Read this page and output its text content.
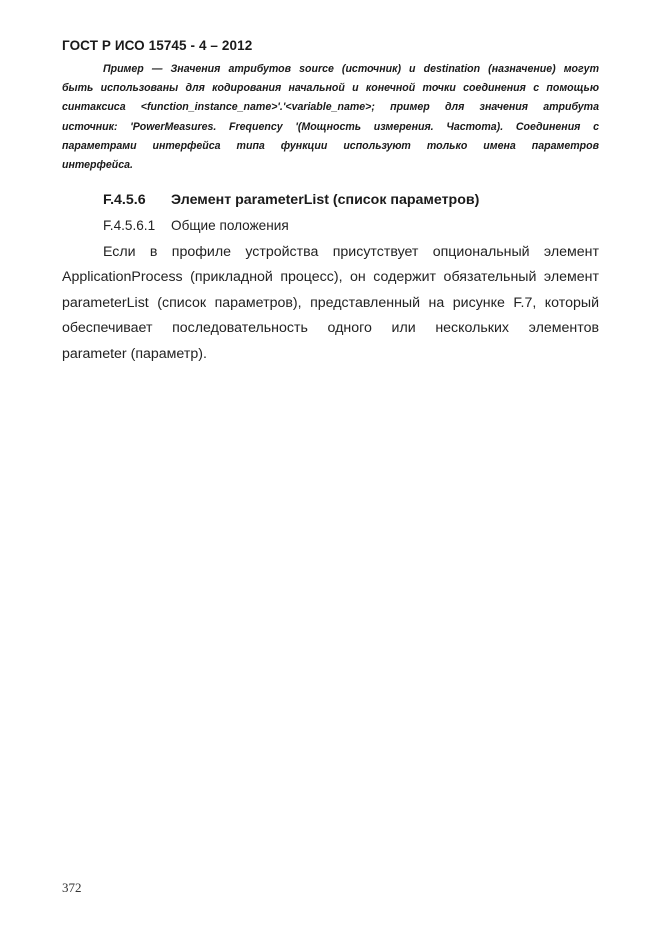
ГОСТ Р ИСО 15745 - 4 – 2012
Пример — Значения атрибутов source (источник) и destination (назначение) могут
быть использованы для кодирования начальной и конечной точки соединения с помощью
синтаксиса <function_instance_name>'.'<variable_name>; пример для значения атрибута
источник: 'PowerMeasures. Frequency '(Мощность измерения. Частота). Соединения с
параметрами интерфейса типа функции используют только имена параметров
интерфейса.
F.4.5.6 Элемент parameterList (список параметров)
F.4.5.6.1 Общие положения
Если в профиле устройства присутствует опциональный элемент
ApplicationProcess (прикладной процесс), он содержит обязательный элемент
parameterList (список параметров), представленный на рисунке F.7, который
обеспечивает последовательность одного или нескольких элементов
parameter (параметр).
372
